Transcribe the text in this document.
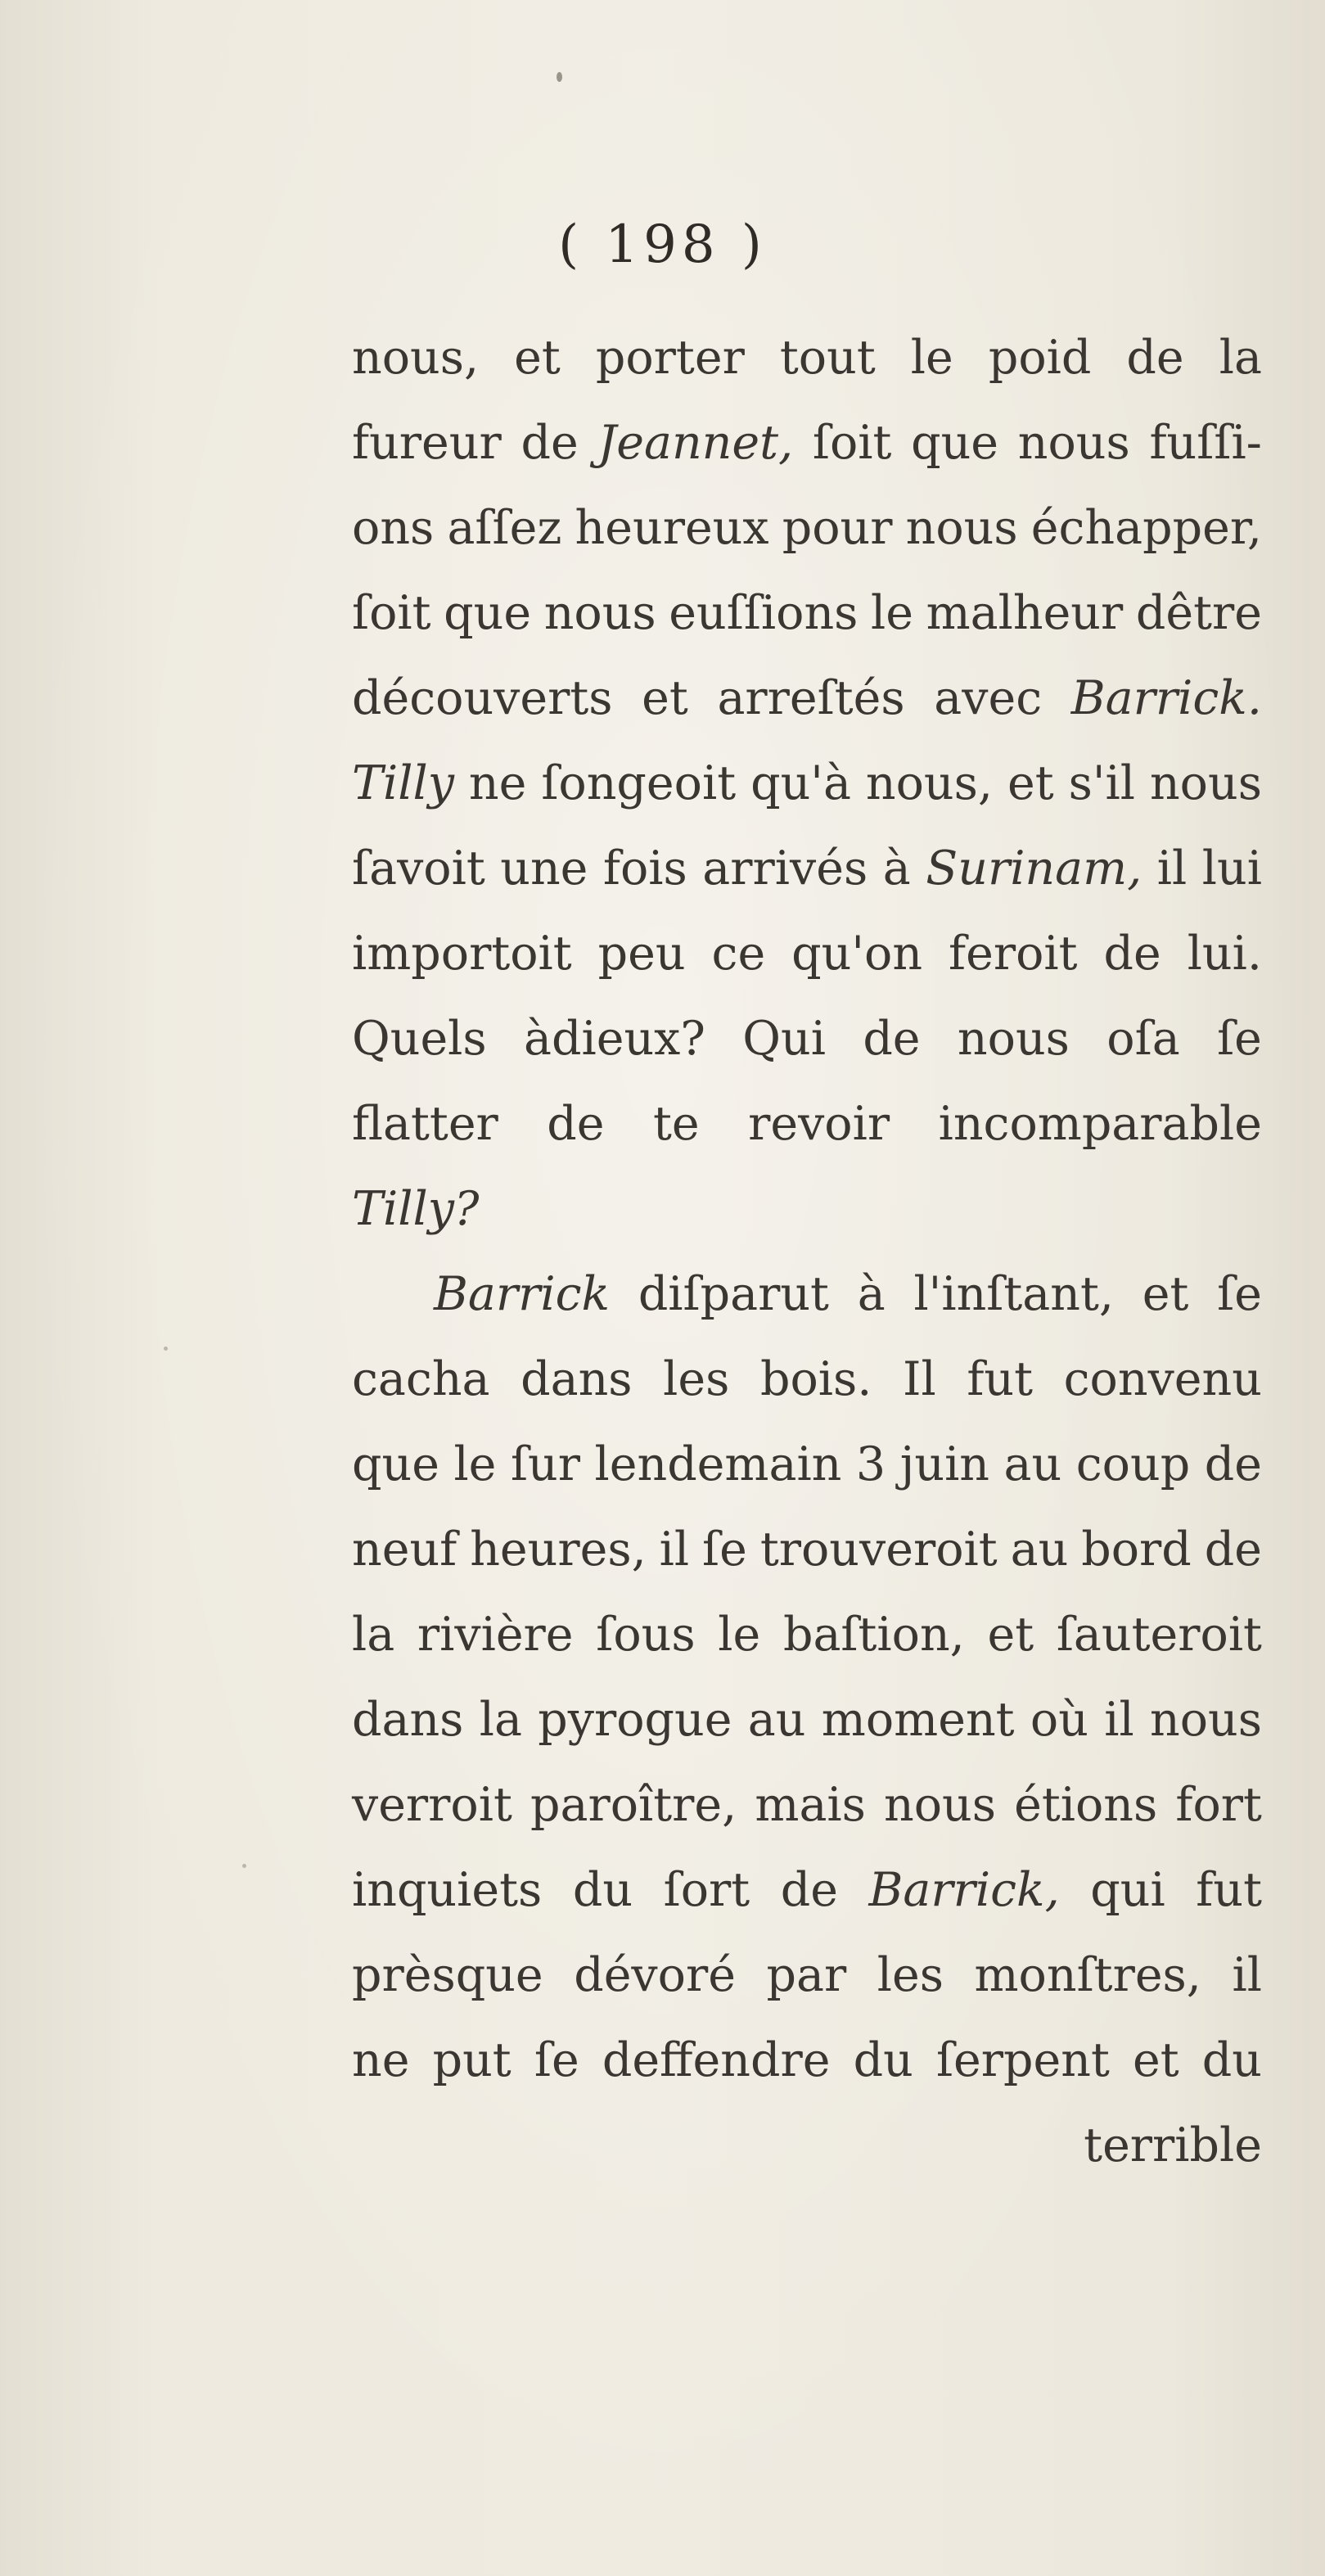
( 198 )
nous, et porter tout le poid de la
fureur de Jeannet, ſoit que nous fuſſi-
ons aſſez heureux pour nous échapper,
ſoit que nous euſſions le malheur dêtre
découverts et arreſtés avec Barrick.
Tilly ne ſongeoit qu'à nous, et s'il nous
ſavoit une fois arrivés à Surinam, il lui
importoit peu ce qu'on feroit de lui.
Quels àdieux? Qui de nous oſa ſe
flatter de te revoir incomparable
Tilly?
Barrick diſparut à l'inſtant, et ſe
cacha dans les bois. Il fut convenu
que le ſur lendemain 3 juin au coup de
neuf heures, il ſe trouveroit au bord de
la rivière ſous le baſtion, et ſauteroit
dans la pyrogue au moment où il nous
verroit paroître, mais nous étions fort
inquiets du ſort de Barrick, qui fut
prèsque dévoré par les monſtres, il
ne put ſe deffendre du ſerpent et du
terrible
